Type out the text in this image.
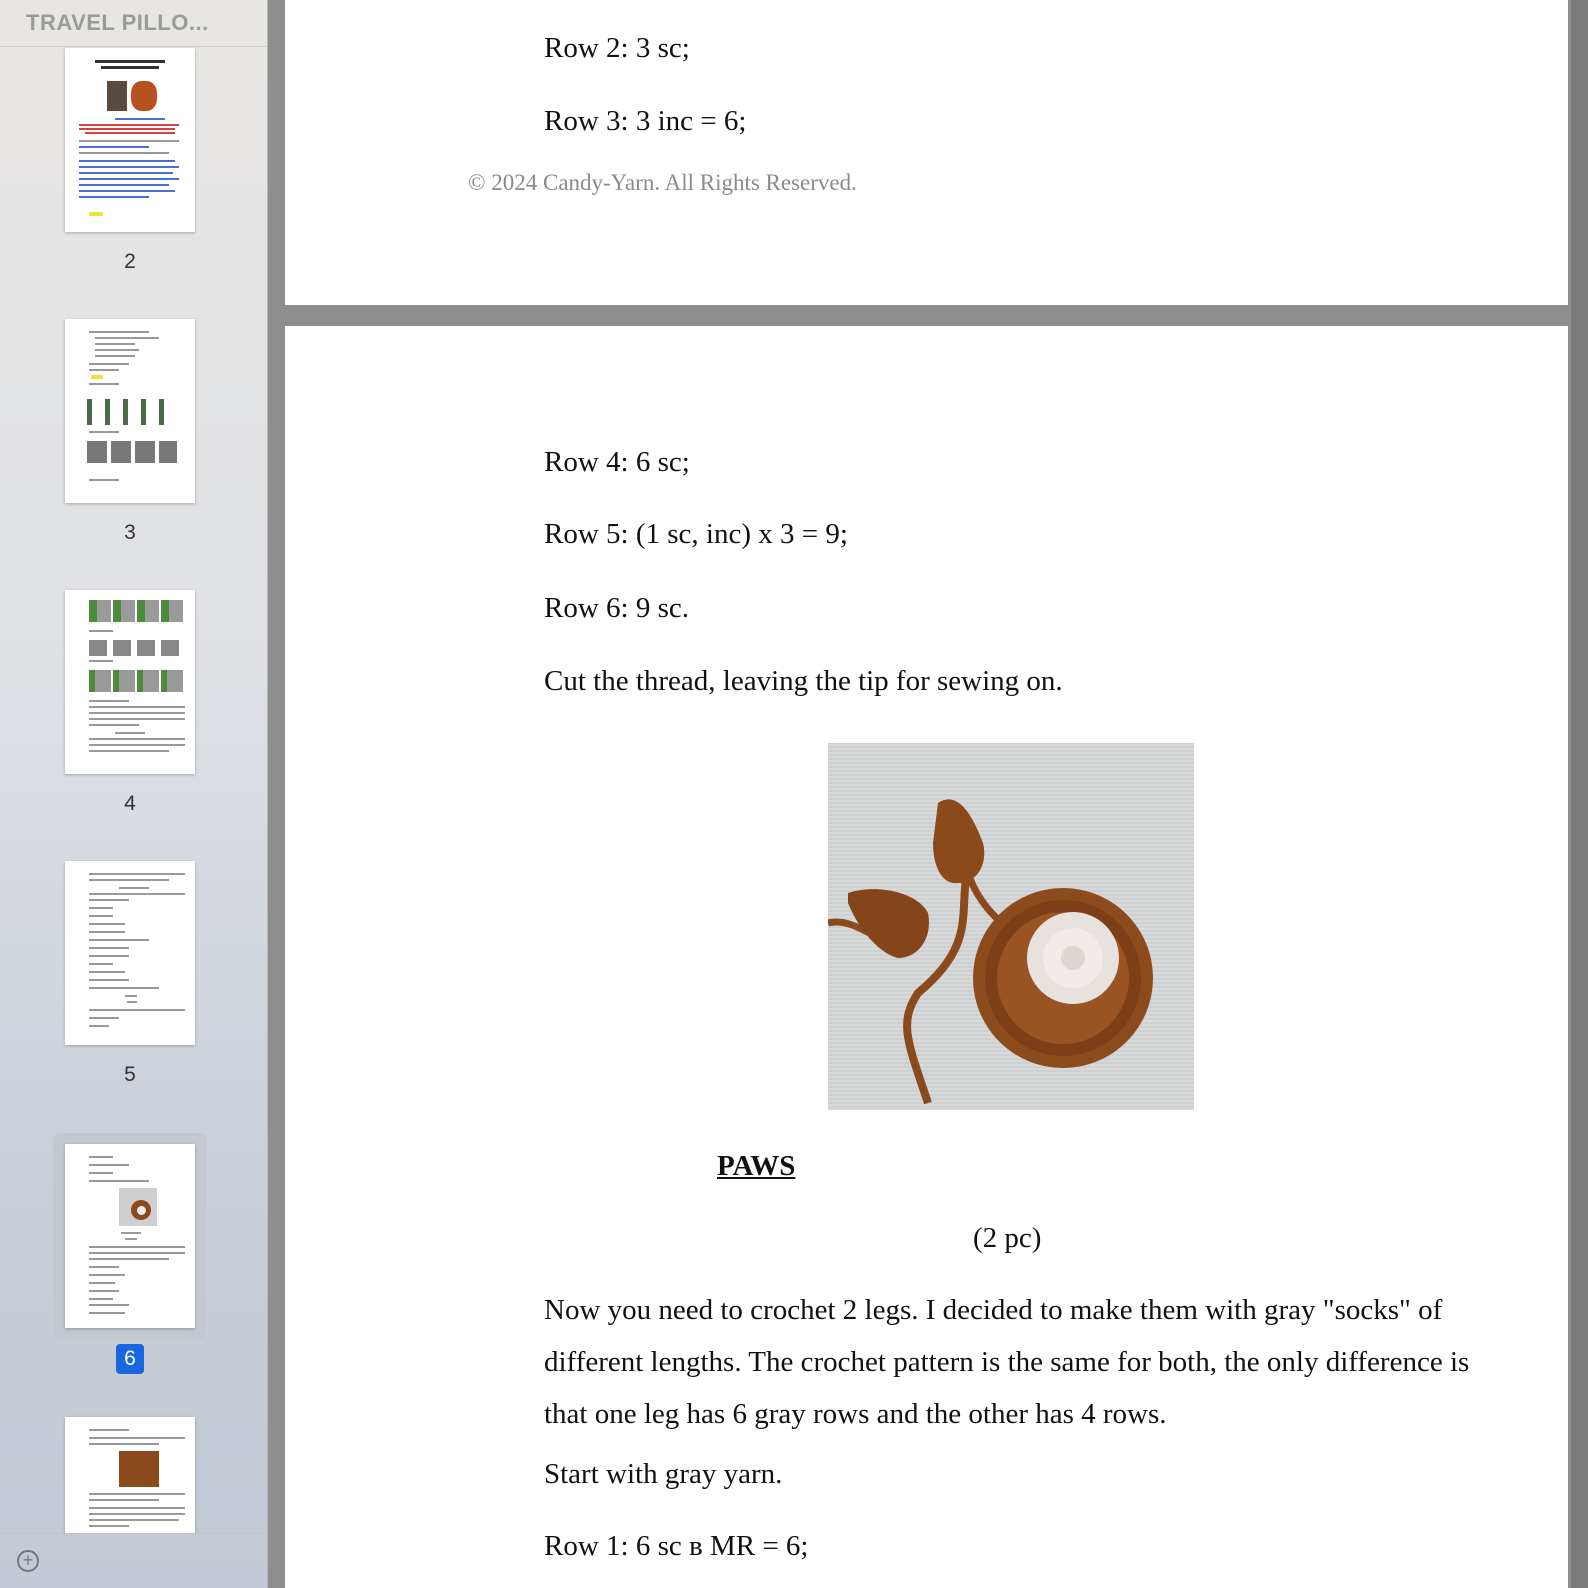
TRAVEL PILLO...
2
3
4
5
6
+
Row 2: 3 sc;
Row 3: 3 inc = 6;
© 2024 Candy-Yarn. All Rights Reserved.
Row 4: 6 sc;
Row 5: (1 sc, inc) x 3 = 9;
Row 6: 9 sc.
Cut the thread, leaving the tip for sewing on.
PAWS
(2 pc)
Now you need to crochet 2 legs. I decided to make them with gray "socks" of different lengths. The crochet pattern is the same for both, the only difference is that one leg has 6 gray rows and the other has 4 rows.
Start with gray yarn.
Row 1: 6 sc в MR = 6;
